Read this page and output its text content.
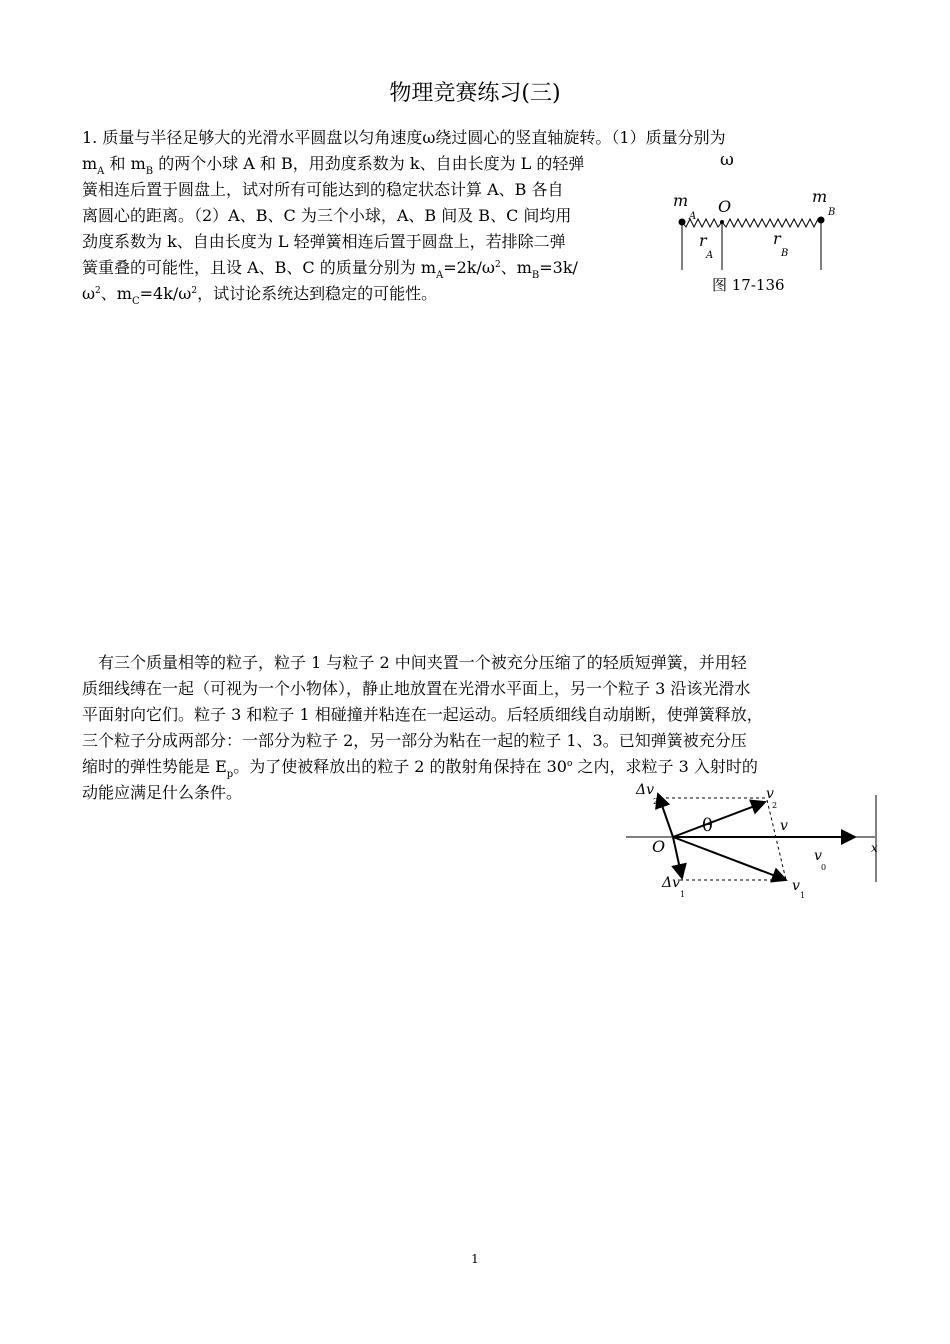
物理竞赛练习(三)
1. 质量与半径足够大的光滑水平圆盘以匀角速度ω绕过圆心的竖直轴旋转。（1）质量分别为
$m_A$ 和 $m_B$ 的两个小球 A 和 B，用劲度系数为 k、自由长度为 L 的轻弹
簧相连后置于圆盘上，试对所有可能达到的稳定状态计算 A、B 各自
离圆心的距离。（2）A、B、C 为三个小球，A、B 间及 B、C 间均用
劲度系数为 k、自由长度为 L 轻弹簧相连后置于圆盘上，若排除二弹
簧重叠的可能性，且设 A、B、C 的质量分别为 $m_A=2k/\omega^2$、$m_B=3k/$
$\omega^2$、$m_C=4k/\omega^2$，试讨论系统达到稳定的可能性。
ω
m
A
O
m
B
r
A
r
B
图 17-136
　有三个质量相等的粒子，粒子 1 与粒子 2 中间夹置一个被充分压缩了的轻质短弹簧，并用轻
质细线缚在一起（可视为一个小物体），静止地放置在光滑水平面上，另一个粒子 3 沿该光滑水
平面射向它们。粒子 3 和粒子 1 相碰撞并粘连在一起运动。后轻质细线自动崩断，使弹簧释放，
三个粒子分成两部分：一部分为粒子 2，另一部分为粘在一起的粒子 1、3。已知弹簧被充分压
缩时的弹性势能是 $E_p$。为了使被释放出的粒子 2 的散射角保持在 30$^o$ 之内，求粒子 3 入射时的
动能应满足什么条件。	Δv
2	v
2
θ	v
O	v
0
x
Δv
1
v
1
1
